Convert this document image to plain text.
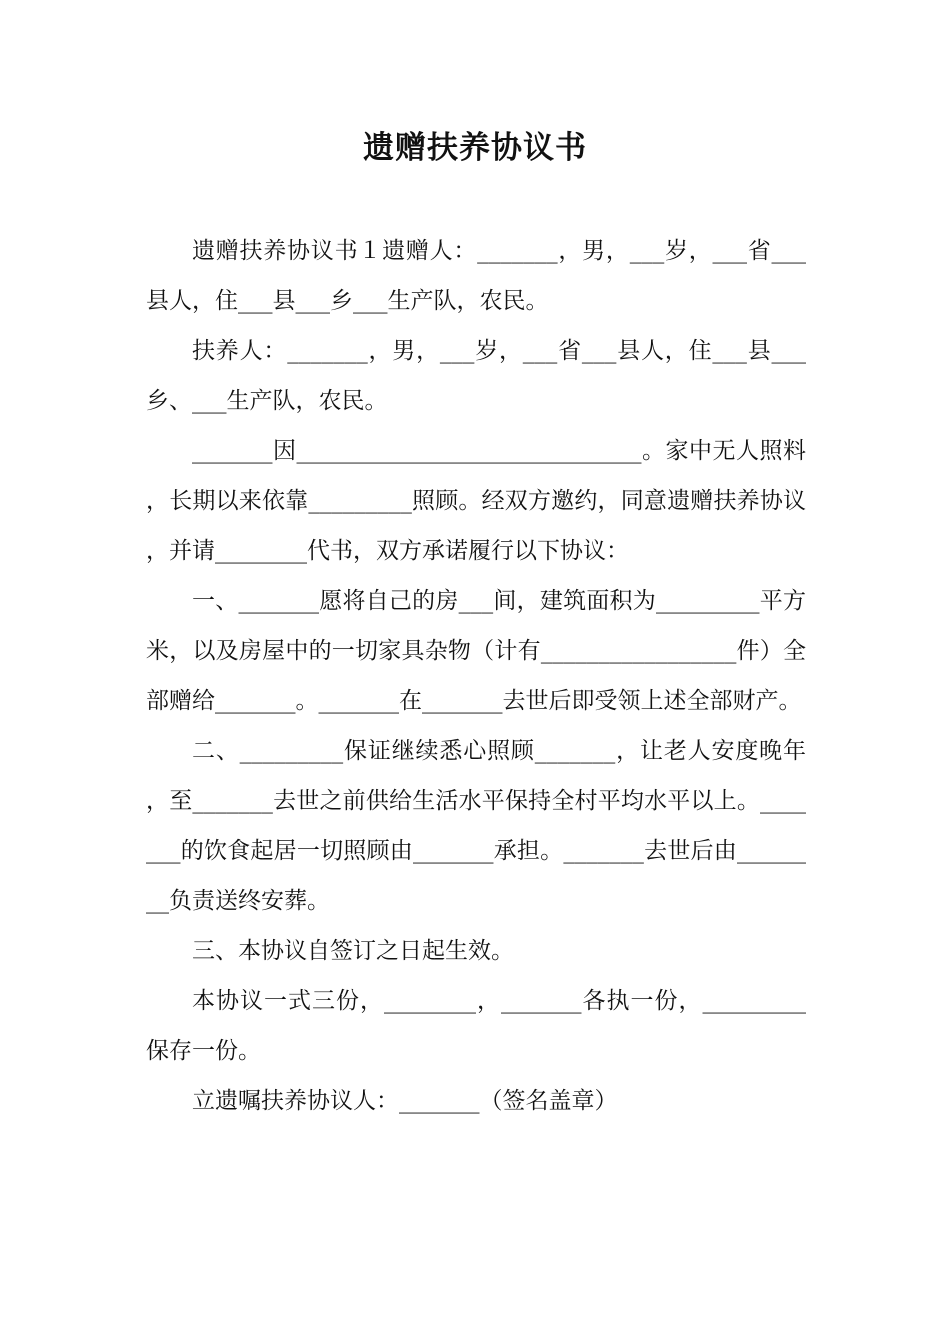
遗赠扶养协议书

遗赠扶养协议书１遗赠人：_______，男，___岁，___省___县人，住___县___乡___生产队，农民。

扶养人：_______，男，___岁，___省___县人，住___县___乡、___生产队，农民。

_______因______________________________。家中无人照料，长期以来依靠_________照顾。经双方邀约，同意遗赠扶养协议，并请________代书，双方承诺履行以下协议：

一、_______愿将自己的房___间，建筑面积为_________平方米，以及房屋中的一切家具杂物（计有_________________件）全部赠给_______。_______在_______去世后即受领上述全部财产。

二、_________保证继续悉心照顾_______，让老人安度晚年，至_______去世之前供给生活水平保持全村平均水平以上。_______的饮食起居一切照顾由_______承担。_______去世后由________负责送终安葬。

三、本协议自签订之日起生效。

本协议一式三份，________，_______各执一份，_________保存一份。

立遗嘱扶养协议人：_______（签名盖章）
